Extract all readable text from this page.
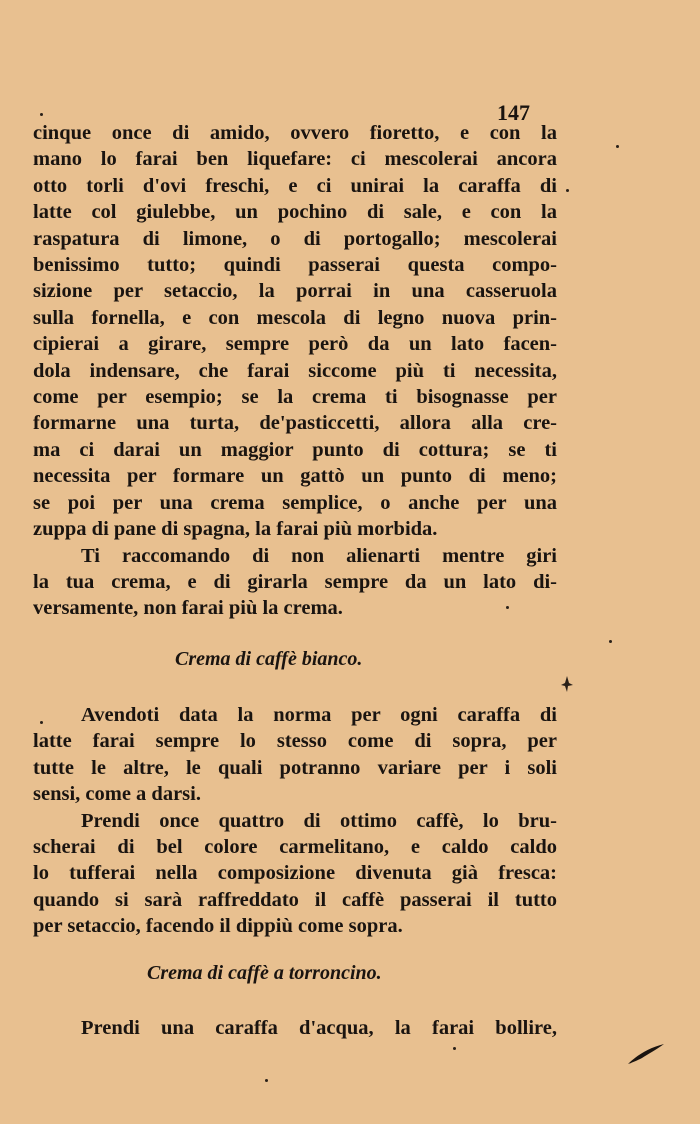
147
cinque once di amido, ovvero fioretto, e con la
mano lo farai ben liquefare: ci mescolerai ancora
otto torli d'ovi freschi, e ci unirai la caraffa di
latte col giulebbe, un pochino di sale, e con la
raspatura di limone, o di portogallo; mescolerai
benissimo tutto; quindi passerai questa compo-
sizione per setaccio, la porrai in una casseruola
sulla fornella, e con mescola di legno nuova prin-
cipierai a girare, sempre però da un lato facen-
dola indensare, che farai siccome più ti necessita,
come per esempio; se la crema ti bisognasse per
formarne una turta, de'pasticcetti, allora alla cre-
ma ci darai un maggior punto di cottura; se ti
necessita per formare un gattò un punto di meno;
se poi per una crema semplice, o anche per una
zuppa di pane di spagna, la farai più morbida.
Ti raccomando di non alienarti mentre giri
la tua crema, e di girarla sempre da un lato di-
versamente, non farai più la crema.
Crema di caffè bianco.
Avendoti data la norma per ogni caraffa di
latte farai sempre lo stesso come di sopra, per
tutte le altre, le quali potranno variare per i soli
sensi, come a darsi.
Prendi once quattro di ottimo caffè, lo bru-
scherai di bel colore carmelitano, e caldo caldo
lo tufferai nella composizione divenuta già fresca:
quando si sarà raffreddato il caffè passerai il tutto
per setaccio, facendo il dippiù come sopra.
Crema di caffè a torroncino.
Prendi una caraffa d'acqua, la farai bollire,
